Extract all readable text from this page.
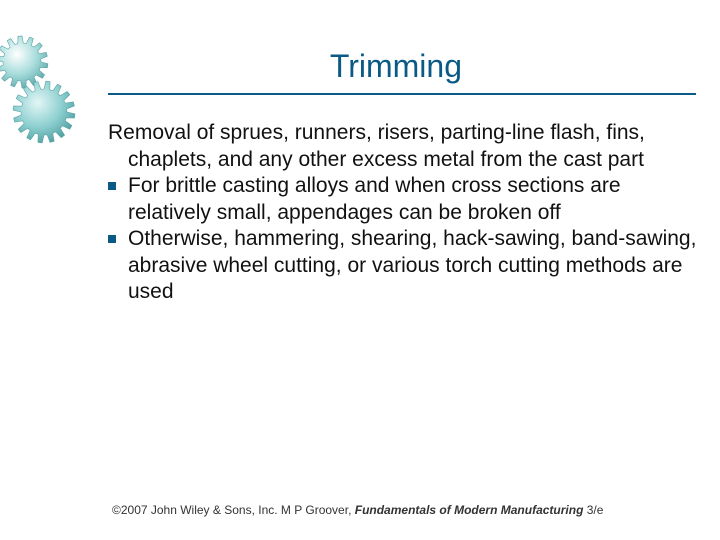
Trimming
Removal of sprues, runners, risers, parting‑line flash, fins, chaplets, and any other excess metal from the cast part
For brittle casting alloys and when cross sections are relatively small, appendages can be broken off
Otherwise, hammering, shearing, hack‑sawing, band‑sawing, abrasive wheel cutting, or various torch cutting methods are used
©2007 John Wiley & Sons, Inc. M P Groover, Fundamentals of Modern Manufacturing 3/e
